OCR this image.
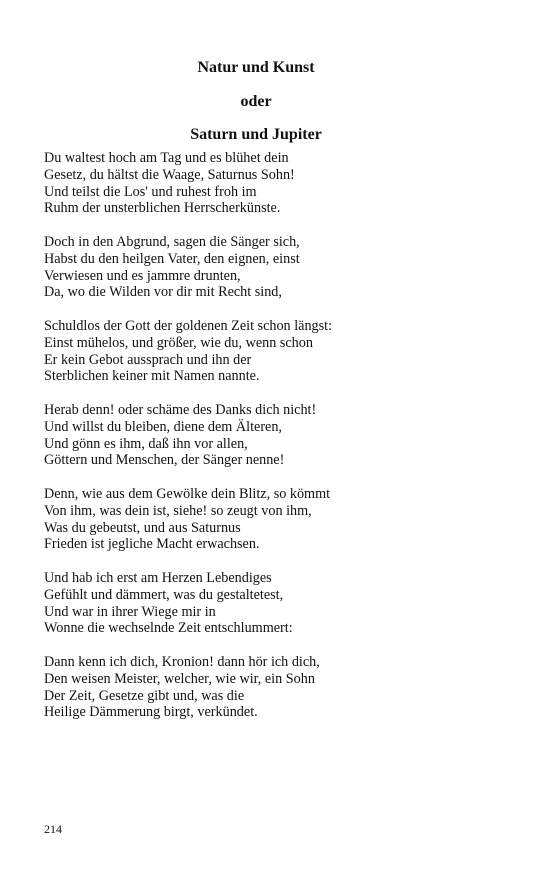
Natur und Kunst
oder
Saturn und Jupiter
Du waltest hoch am Tag und es blühet dein
Gesetz, du hältst die Waage, Saturnus Sohn!
Und teilst die Los' und ruhest froh im
Ruhm der unsterblichen Herrscherkünste.
Doch in den Abgrund, sagen die Sänger sich,
Habst du den heilgen Vater, den eignen, einst
Verwiesen und es jammre drunten,
Da, wo die Wilden vor dir mit Recht sind,
Schuldlos der Gott der goldenen Zeit schon längst:
Einst mühelos, und größer, wie du, wenn schon
Er kein Gebot aussprach und ihn der
Sterblichen keiner mit Namen nannte.
Herab denn! oder schäme des Danks dich nicht!
Und willst du bleiben, diene dem Älteren,
Und gönn es ihm, daß ihn vor allen,
Göttern und Menschen, der Sänger nenne!
Denn, wie aus dem Gewölke dein Blitz, so kömmt
Von ihm, was dein ist, siehe! so zeugt von ihm,
Was du gebeutst, und aus Saturnus
Frieden ist jegliche Macht erwachsen.
Und hab ich erst am Herzen Lebendiges
Gefühlt und dämmert, was du gestaltetest,
Und war in ihrer Wiege mir in
Wonne die wechselnde Zeit entschlummert:
Dann kenn ich dich, Kronion! dann hör ich dich,
Den weisen Meister, welcher, wie wir, ein Sohn
Der Zeit, Gesetze gibt und, was die
Heilige Dämmerung birgt, verkündet.
214
